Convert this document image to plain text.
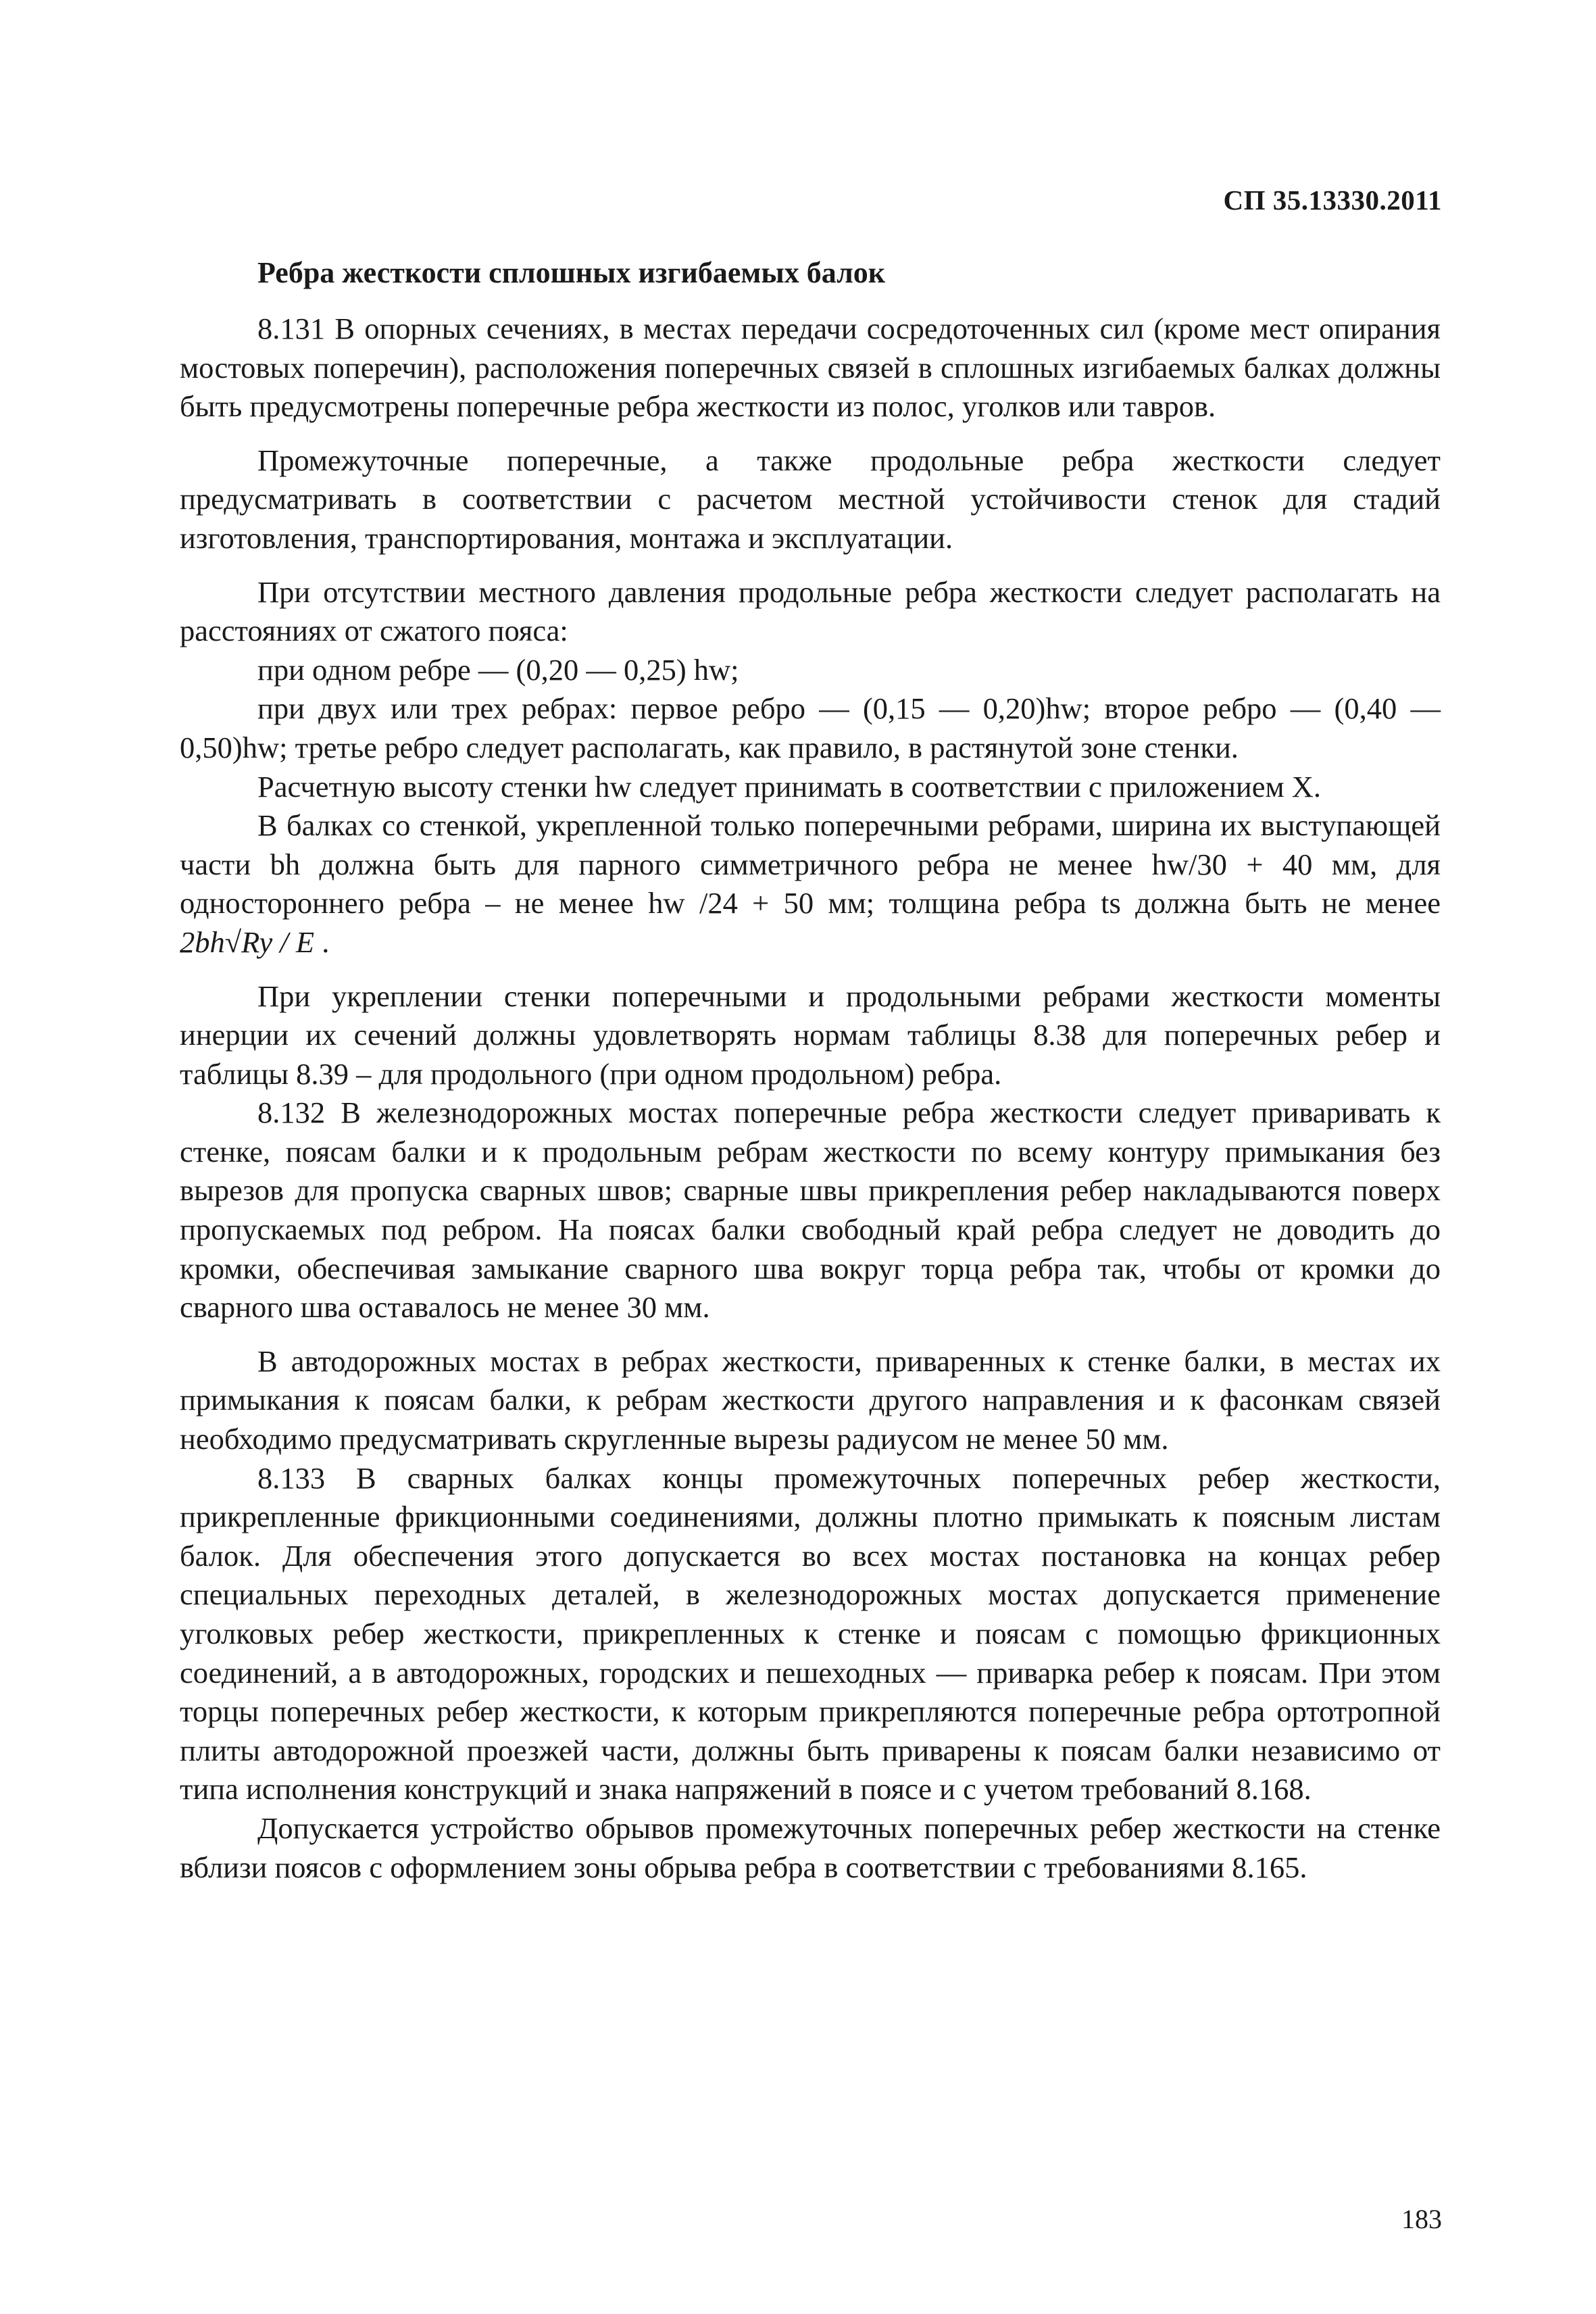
СП 35.13330.2011
Ребра жесткости сплошных изгибаемых балок

8.131 В опорных сечениях, в местах передачи сосредоточенных сил (кроме мест опирания мостовых поперечин), расположения поперечных связей в сплошных изгибаемых балках должны быть предусмотрены поперечные ребра жесткости из полос, уголков или тавров.

Промежуточные поперечные, а также продольные ребра жесткости следует предусматривать в соответствии с расчетом местной устойчивости стенок для стадий изготовления, транспортирования, монтажа и эксплуатации.

При отсутствии местного давления продольные ребра жесткости следует располагать на расстояниях от сжатого пояса:

при одном ребре — (0,20 — 0,25) hw;

при двух или трех ребрах: первое ребро — (0,15 — 0,20)hw; второе ребро — (0,40 — 0,50)hw; третье ребро следует располагать, как правило, в растянутой зоне стенки.

Расчетную высоту стенки hw следует принимать в соответствии с приложением Х.

В балках со стенкой, укрепленной только поперечными ребрами, ширина их выступающей части bh должна быть для парного симметричного ребра не менее hw/30 + 40 мм, для одностороннего ребра – не менее hw /24 + 50 мм; толщина ребра ts должна быть не менее 2bh√Ry / E .

При укреплении стенки поперечными и продольными ребрами жесткости моменты инерции их сечений должны удовлетворять нормам таблицы 8.38 для поперечных ребер и таблицы 8.39 – для продольного (при одном продольном) ребра.

8.132 В железнодорожных мостах поперечные ребра жесткости следует приваривать к стенке, поясам балки и к продольным ребрам жесткости по всему контуру примыкания без вырезов для пропуска сварных швов; сварные швы прикрепления ребер накладываются поверх пропускаемых под ребром. На поясах балки свободный край ребра следует не доводить до кромки, обеспечивая замыкание сварного шва вокруг торца ребра так, чтобы от кромки до сварного шва оставалось не менее 30 мм.

В автодорожных мостах в ребрах жесткости, приваренных к стенке балки, в местах их примыкания к поясам балки, к ребрам жесткости другого направления и к фасонкам связей необходимо предусматривать скругленные вырезы радиусом не менее 50 мм.

8.133 В сварных балках концы промежуточных поперечных ребер жесткости, прикрепленные фрикционными соединениями, должны плотно примыкать к поясным листам балок. Для обеспечения этого допускается во всех мостах постановка на концах ребер специальных переходных деталей, в железнодорожных мостах допускается применение уголковых ребер жесткости, прикрепленных к стенке и поясам с помощью фрикционных соединений, а в автодорожных, городских и пешеходных — приварка ребер к поясам. При этом торцы поперечных ребер жесткости, к которым прикрепляются поперечные ребра ортотропной плиты автодорожной проезжей части, должны быть приварены к поясам балки независимо от типа исполнения конструкций и знака напряжений в поясе и с учетом требований 8.168.

Допускается устройство обрывов промежуточных поперечных ребер жесткости на стенке вблизи поясов с оформлением зоны обрыва ребра в соответствии с требованиями 8.165.

183
